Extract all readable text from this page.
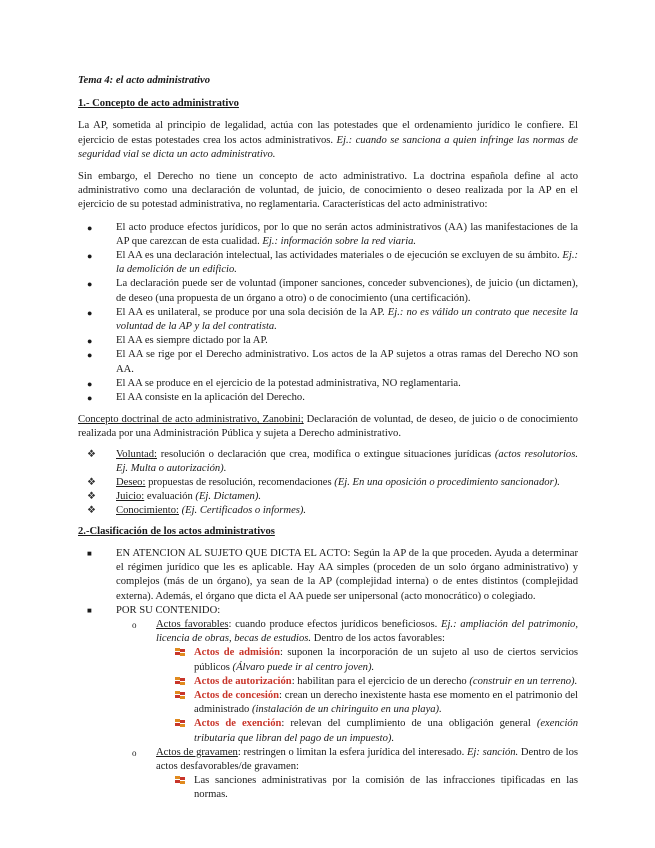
Tema 4: el acto administrativo

1.- Concepto de acto administrativo

La AP, sometida al principio de legalidad, actúa con las potestades que el ordenamiento jurídico le confiere. El ejercicio de estas potestades crea los actos administrativos. Ej.: cuando se sanciona a quien infringe las normas de seguridad vial se dicta un acto administrativo.

Sin embargo, el Derecho no tiene un concepto de acto administrativo. La doctrina española define al acto administrativo como una declaración de voluntad, de juicio, de conocimiento o deseo realizada por la AP en el ejercicio de su potestad administrativa, no reglamentaria. Características del acto administrativo:

● El acto produce efectos jurídicos, por lo que no serán actos administrativos (AA) las manifestaciones de la AP que carezcan de esta cualidad. Ej.: información sobre la red viaria.
● El AA es una declaración intelectual, las actividades materiales o de ejecución se excluyen de su ámbito. Ej.: la demolición de un edificio.
● La declaración puede ser de voluntad (imponer sanciones, conceder subvenciones), de juicio (un dictamen), de deseo (una propuesta de un órgano a otro) o de conocimiento (una certificación).
● El AA es unilateral, se produce por una sola decisión de la AP. Ej.: no es válido un contrato que necesite la voluntad de la AP y la del contratista.
● El AA es siempre dictado por la AP.
● El AA se rige por el Derecho administrativo. Los actos de la AP sujetos a otras ramas del Derecho NO son AA.
● El AA se produce en el ejercicio de la potestad administrativa, NO reglamentaria.
● El AA consiste en la aplicación del Derecho.

Concepto doctrinal de acto administrativo, Zanobini; Declaración de voluntad, de deseo, de juicio o de conocimiento realizada por una Administración Pública y sujeta a Derecho administrativo.

❖ Voluntad: resolución o declaración que crea, modifica o extingue situaciones jurídicas (actos resolutorios. Ej. Multa o autorización).
❖ Deseo: propuestas de resolución, recomendaciones (Ej. En una oposición o procedimiento sancionador).
❖ Juicio: evaluación (Ej. Dictamen).
❖ Conocimiento: (Ej. Certificados o informes).

2.-Clasificación de los actos administrativos

■ EN ATENCION AL SUJETO QUE DICTA EL ACTO: Según la AP de la que proceden. Ayuda a determinar el régimen jurídico que les es aplicable. Hay AA simples (proceden de un solo órgano administrativo) y complejos (más de un órgano), ya sean de la AP (complejidad interna) o de entes distintos (complejidad externa). Además, el órgano que dicta el AA puede ser unipersonal (acto monocrático) o colegiado.
■ POR SU CONTENIDO:
o Actos favorables: cuando produce efectos jurídicos beneficiosos. Ej.: ampliación del patrimonio, licencia de obras, becas de estudios. Dentro de los actos favorables:
Actos de admisión: suponen la incorporación de un sujeto al uso de ciertos servicios públicos (Álvaro puede ir al centro joven).
Actos de autorización: habilitan para el ejercicio de un derecho (construir en un terreno).
Actos de concesión: crean un derecho inexistente hasta ese momento en el patrimonio del administrado (instalación de un chiringuito en una playa).
Actos de exención: relevan del cumplimiento de una obligación general (exención tributaria que libran del pago de un impuesto).
o Actos de gravamen: restringen o limitan la esfera jurídica del interesado. Ej: sanción. Dentro de los actos desfavorables/de gravamen:
Las sanciones administrativas por la comisión de las infracciones tipificadas en las normas.
